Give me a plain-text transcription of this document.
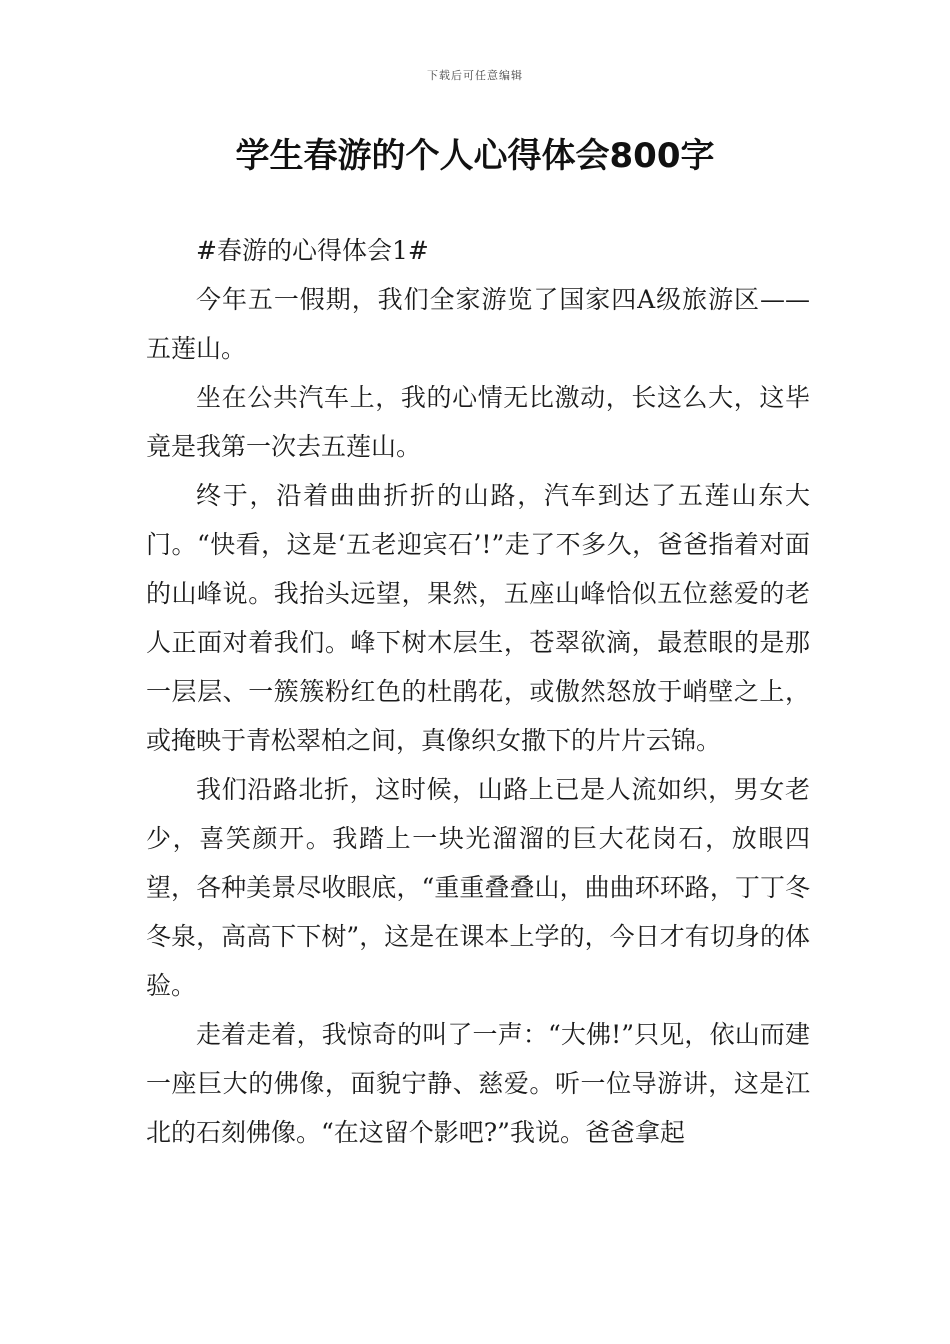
下载后可任意编辑
学生春游的个人心得体会800字

#春游的心得体会1#

今年五一假期，我们全家游览了国家四A级旅游区——五莲山。

坐在公共汽车上，我的心情无比激动，长这么大，这毕竟是我第一次去五莲山。

终于，沿着曲曲折折的山路，汽车到达了五莲山东大门。“快看，这是‘五老迎宾石’!”走了不多久，爸爸指着对面的山峰说。我抬头远望，果然，五座山峰恰似五位慈爱的老人正面对着我们。峰下树木层生，苍翠欲滴，最惹眼的是那一层层、一簇簇粉红色的杜鹃花，或傲然怒放于峭壁之上，或掩映于青松翠柏之间，真像织女撒下的片片云锦。

我们沿路北折，这时候，山路上已是人流如织，男女老少，喜笑颜开。我踏上一块光溜溜的巨大花岗石，放眼四望，各种美景尽收眼底，“重重叠叠山，曲曲环环路，丁丁冬冬泉，高高下下树”，这是在课本上学的，今日才有切身的体验。

走着走着，我惊奇的叫了一声：“大佛!”只见，依山而建一座巨大的佛像，面貌宁静、慈爱。听一位导游讲，这是江北的石刻佛像。“在这留个影吧?”我说。爸爸拿起
